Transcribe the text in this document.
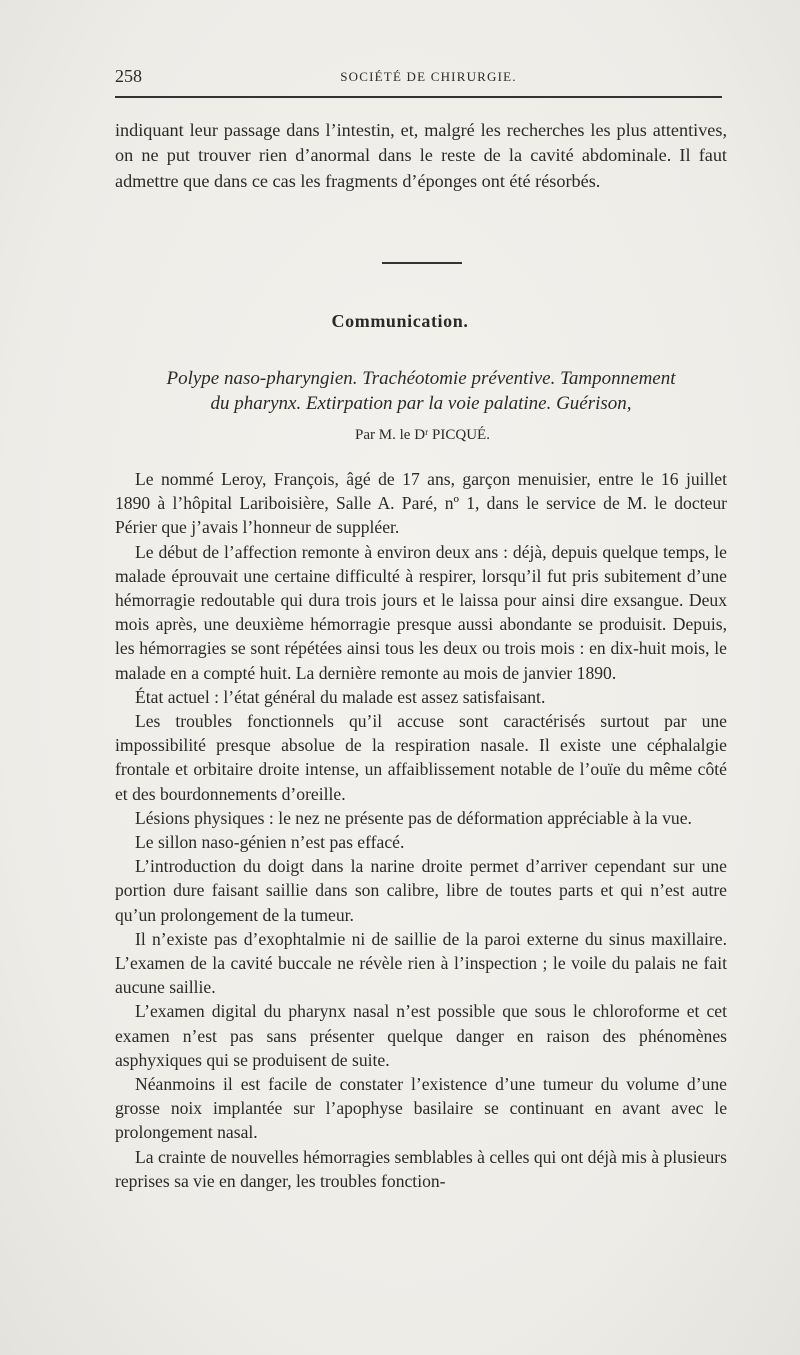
258	SOCIÉTÉ DE CHIRURGIE.

indiquant leur passage dans l’intestin, et, malgré les recherches les plus attentives, on ne put trouver rien d’anormal dans le reste de la cavité abdominale. Il faut admettre que dans ce cas les fragments d’éponges ont été résorbés.

Communication.
Polype naso-pharyngien. Trachéotomie préventive. Tamponnement
du pharynx. Extirpation par la voie palatine. Guérison,
Par M. le Dʳ PICQUÉ.

Le nommé Leroy, François, âgé de 17 ans, garçon menuisier, entre le 16 juillet 1890 à l’hôpital Lariboisière, Salle A. Paré, nº 1, dans le service de M. le docteur Périer que j’avais l’honneur de suppléer.

Le début de l’affection remonte à environ deux ans : déjà, depuis quelque temps, le malade éprouvait une certaine difficulté à respirer, lorsqu’il fut pris subitement d’une hémorragie redoutable qui dura trois jours et le laissa pour ainsi dire exsangue. Deux mois après, une deuxième hémorragie presque aussi abondante se produisit. Depuis, les hémorragies se sont répétées ainsi tous les deux ou trois mois : en dix-huit mois, le malade en a compté huit. La dernière remonte au mois de janvier 1890.

État actuel : l’état général du malade est assez satisfaisant.

Les troubles fonctionnels qu’il accuse sont caractérisés surtout par une impossibilité presque absolue de la respiration nasale. Il existe une céphalalgie frontale et orbitaire droite intense, un affaiblissement notable de l’ouïe du même côté et des bourdonnements d’oreille.

Lésions physiques : le nez ne présente pas de déformation appréciable à la vue.

Le sillon naso-génien n’est pas effacé.

L’introduction du doigt dans la narine droite permet d’arriver cependant sur une portion dure faisant saillie dans son calibre, libre de toutes parts et qui n’est autre qu’un prolongement de la tumeur.

Il n’existe pas d’exophtalmie ni de saillie de la paroi externe du sinus maxillaire. L’examen de la cavité buccale ne révèle rien à l’inspection ; le voile du palais ne fait aucune saillie.

L’examen digital du pharynx nasal n’est possible que sous le chloroforme et cet examen n’est pas sans présenter quelque danger en raison des phénomènes asphyxiques qui se produisent de suite.

Néanmoins il est facile de constater l’existence d’une tumeur du volume d’une grosse noix implantée sur l’apophyse basilaire se continuant en avant avec le prolongement nasal.

La crainte de nouvelles hémorragies semblables à celles qui ont déjà mis à plusieurs reprises sa vie en danger, les troubles fonction-
